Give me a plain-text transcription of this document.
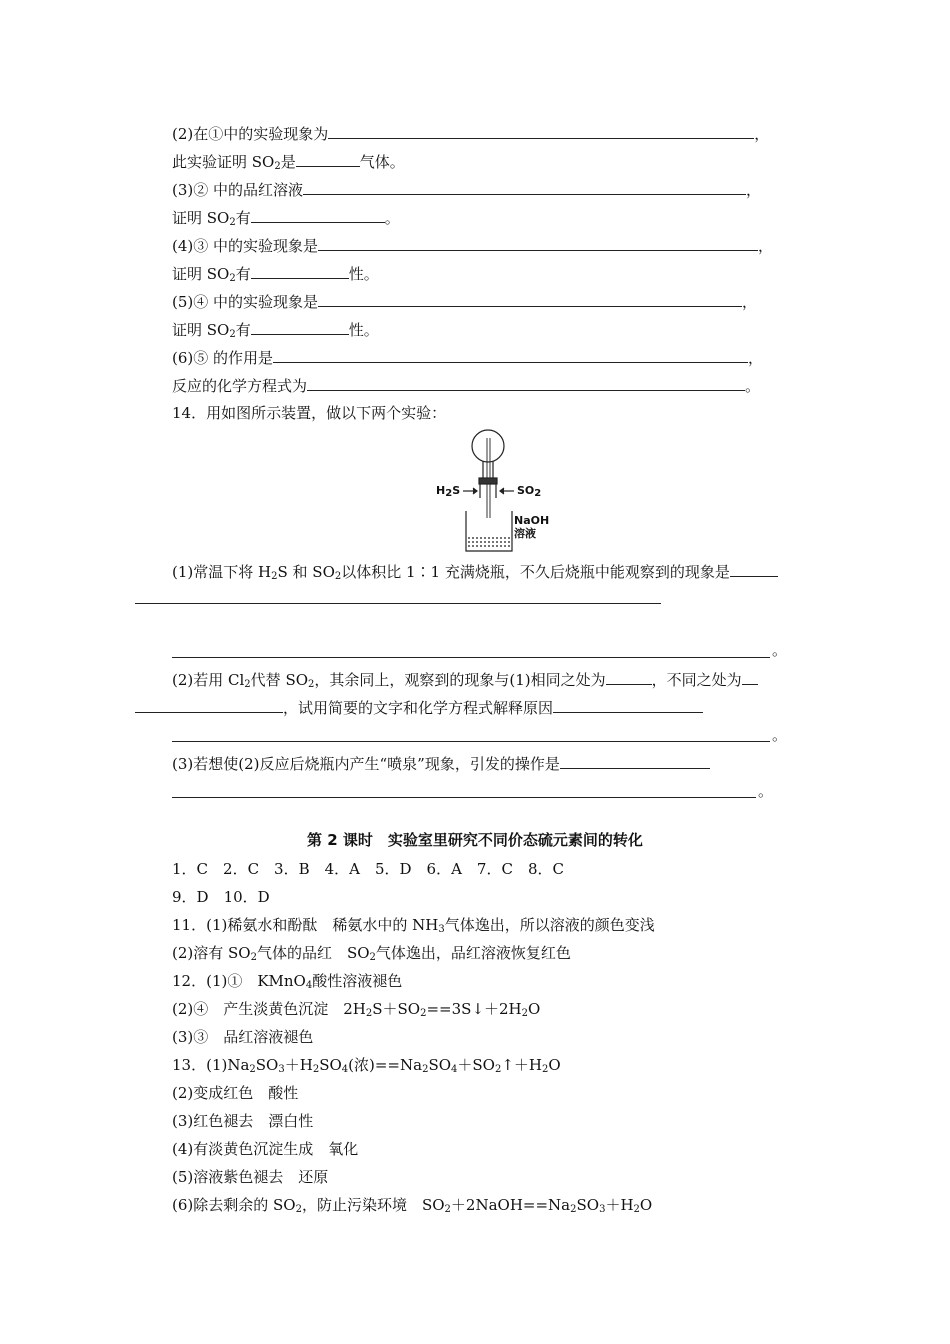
(2)在①中的实验现象为	，
此实验证明 $SO_2$是	气体。
(3)② 中的品红溶液	，
证明 $SO_2$有	。
(4)③ 中的实验现象是	，
证明 $SO_2$有	性。
(5)④ 中的实验现象是	，
证明 $SO_2$有	性。
(6)⑤ 的作用是	，
反应的化学方程式为	。
14．用如图所示装置，做以下两个实验：
$H_2S$	$SO_2$
NaOH
溶液
(1)常温下将 $H_2S$ 和 $SO_2$以体积比 1∶1 充满烧瓶，不久后烧瓶中能观察到的现象是
。
(2)若用 $Cl_2$代替 $SO_2$，其余同上，观察到的现象与(1)相同之处为	，不同之处为
，试用简要的文字和化学方程式解释原因
。
(3)若想使(2)反应后烧瓶内产生“喷泉”现象，引发的操作是
。
第 2 课时　实验室里研究不同价态硫元素间的转化
1．C　2．C　3．B　4．A　5．D　6．A　7．C　8．C
9．D　10．D
11．(1)稀氨水和酚酞　稀氨水中的 $NH_3$气体逸出，所以溶液的颜色变浅
(2)溶有 $SO_2$气体的品红　$SO_2$气体逸出，品红溶液恢复红色
12．(1)①　KMnO$_4$酸性溶液褪色
(2)④　产生淡黄色沉淀　$2H_2S+SO_2==3S↓+2H_2O$
(3)③　品红溶液褪色
13．$(1)Na_2SO_3+H_2SO_4$(浓)$==Na_2SO_4+SO_2↑+H_2O$
(2)变成红色　酸性
(3)红色褪去　漂白性
(4)有淡黄色沉淀生成　氧化
(5)溶液紫色褪去　还原
(6)除去剩余的 $SO_2$，防止污染环境　$SO_2+2NaOH==Na_2SO_3+H_2O$
